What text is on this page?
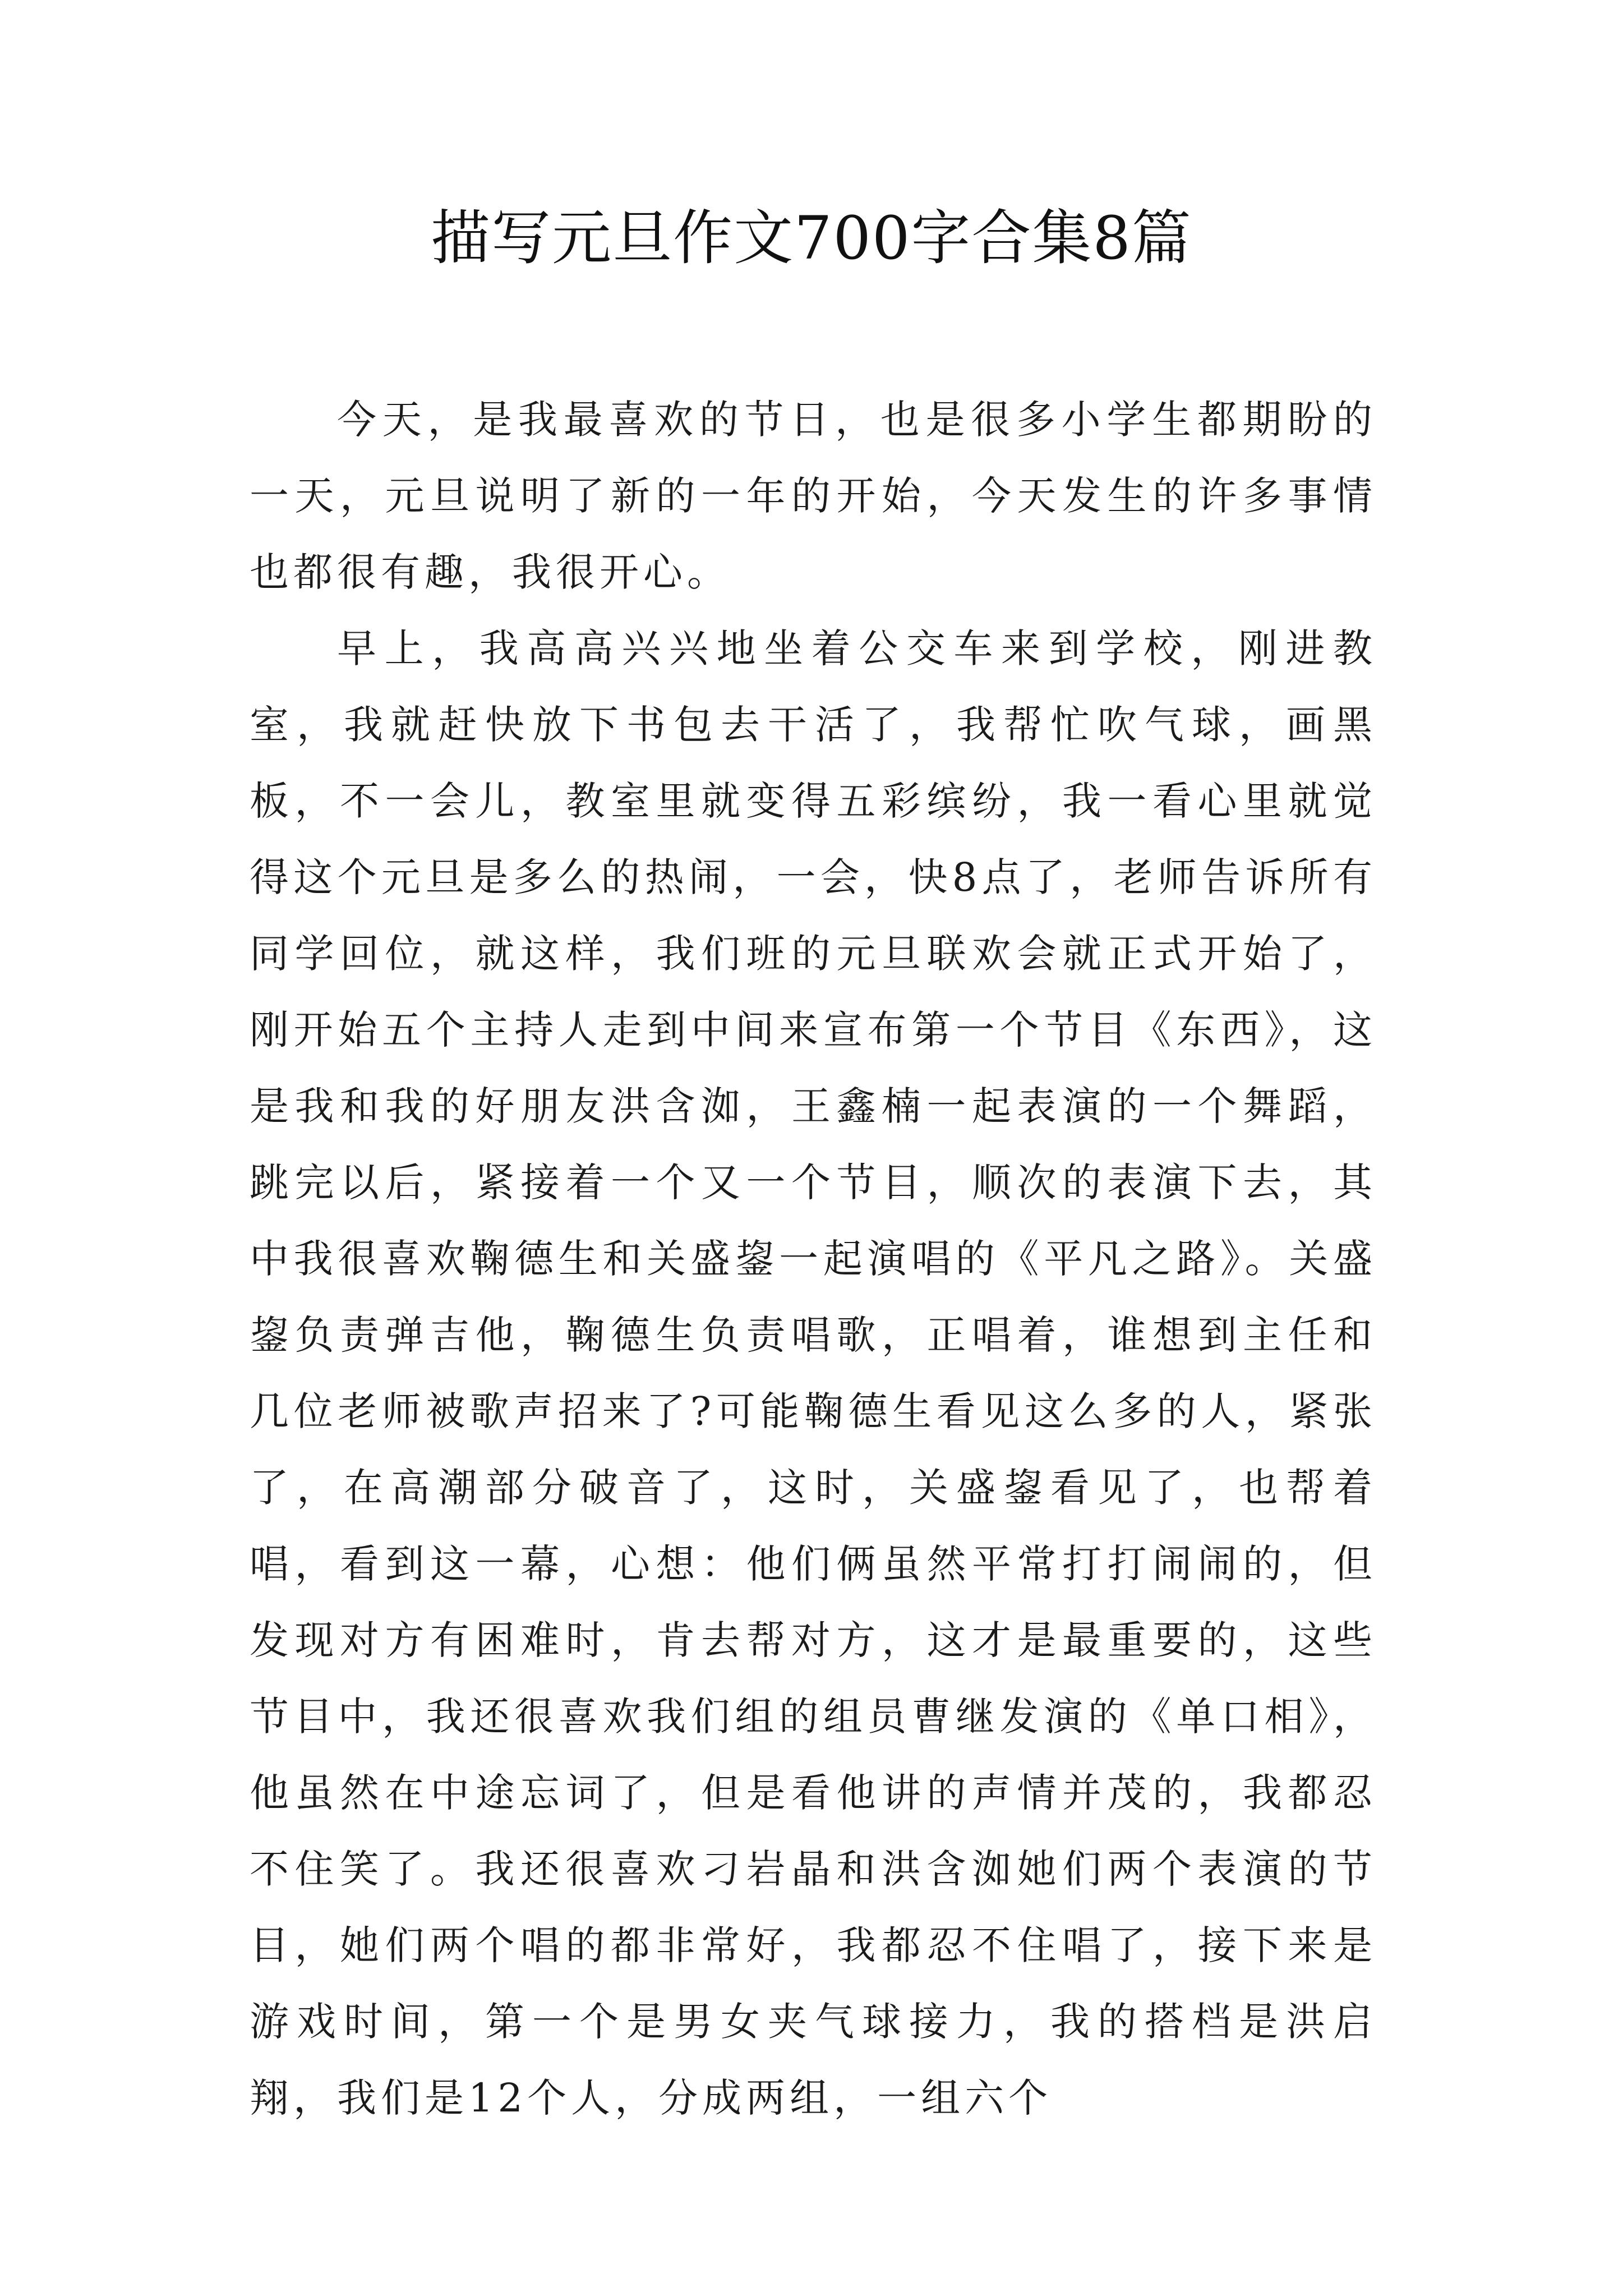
描写元旦作文700字合集8篇

今天，是我最喜欢的节日，也是很多小学生都期盼的一天，元旦说明了新的一年的开始，今天发生的许多事情也都很有趣，我很开心。

早上，我高高兴兴地坐着公交车来到学校，刚进教室，我就赶快放下书包去干活了，我帮忙吹气球，画黑板，不一会儿，教室里就变得五彩缤纷，我一看心里就觉得这个元旦是多么的热闹，一会，快8点了，老师告诉所有同学回位，就这样，我们班的元旦联欢会就正式开始了，刚开始五个主持人走到中间来宣布第一个节目《东西》，这是我和我的好朋友洪含洳，王鑫楠一起表演的一个舞蹈，跳完以后，紧接着一个又一个节目，顺次的表演下去，其中我很喜欢鞠德生和关盛鋆一起演唱的《平凡之路》。关盛鋆负责弹吉他，鞠德生负责唱歌，正唱着，谁想到主任和几位老师被歌声招来了?可能鞠德生看见这么多的人，紧张了，在高潮部分破音了，这时，关盛鋆看见了，也帮着唱，看到这一幕，心想：他们俩虽然平常打打闹闹的，但发现对方有困难时，肯去帮对方，这才是最重要的，这些节目中，我还很喜欢我们组的组员曹继发演的《单口相》，他虽然在中途忘词了，但是看他讲的声情并茂的，我都忍不住笑了。我还很喜欢刁岩晶和洪含洳她们两个表演的节目，她们两个唱的都非常好，我都忍不住唱了，接下来是游戏时间，第一个是男女夹气球接力，我的搭档是洪启翔，我们是12个人，分成两组，一组六个
